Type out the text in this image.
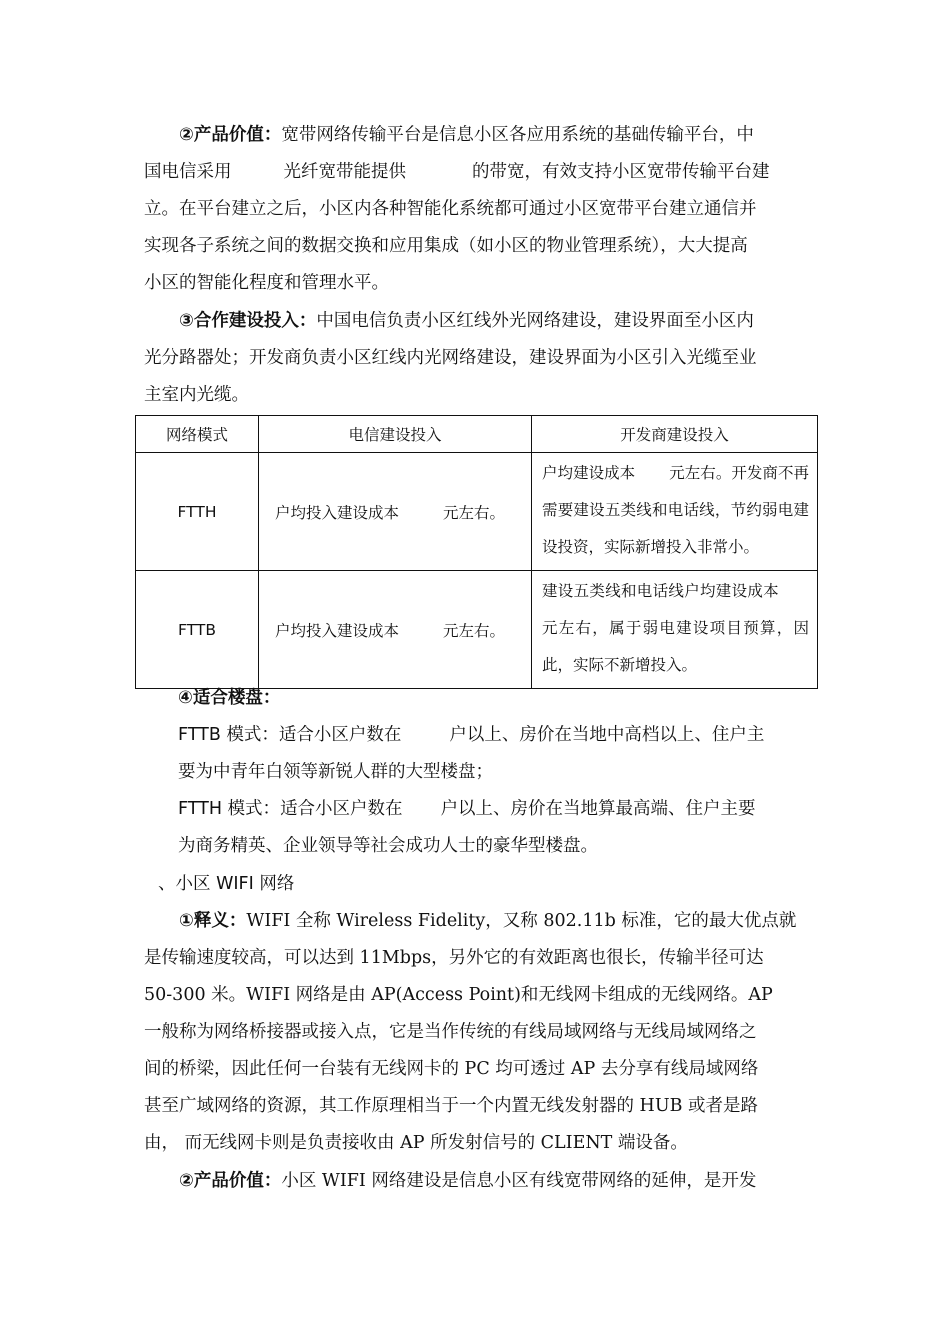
②产品价值：宽带网络传输平台是信息小区各应用系统的基础传输平台，中
国电信采用	光纤宽带能提供	的带宽，有效支持小区宽带传输平台建
立。在平台建立之后，小区内各种智能化系统都可通过小区宽带平台建立通信并
实现各子系统之间的数据交换和应用集成（如小区的物业管理系统），大大提高
小区的智能化程度和管理水平。

③合作建设投入：中国电信负责小区红线外光网络建设，建设界面至小区内
光分路器处；开发商负责小区红线内光网络建设，建设界面为小区引入光缆至业
主室内光缆。

网络模式	电信建设投入	开发商建设投入
FTTH	户均投入建设成本 元左右。	户均建设成本 元左右。开发商不再需要建设五类线和电话线，节约弱电建设投资，实际新增投入非常小。
FTTB	户均投入建设成本 元左右。	建设五类线和电话线户均建设成本元左右，属于弱电建设项目预算，因此，实际不新增投入。

④适合楼盘：

FTTB 模式：适合小区户数在	户以上、房价在当地中高档以上、住户主
要为中青年白领等新锐人群的大型楼盘；

FTTH 模式：适合小区户数在 户以上、房价在当地算最高端、住户主要
为商务精英、企业领导等社会成功人士的豪华型楼盘。

、小区 WIFI 网络

①释义：WIFI 全称 Wireless Fidelity，又称 802.11b 标准，它的最大优点就
是传输速度较高，可以达到 11Mbps，另外它的有效距离也很长，传输半径可达
50-300 米。WIFI 网络是由 AP(Access Point)和无线网卡组成的无线网络。AP
一般称为网络桥接器或接入点，它是当作传统的有线局域网络与无线局域网络之
间的桥梁，因此任何一台装有无线网卡的 PC 均可透过 AP 去分享有线局域网络
甚至广域网络的资源，其工作原理相当于一个内置无线发射器的 HUB 或者是路
由， 而无线网卡则是负责接收由 AP 所发射信号的 CLIENT 端设备。

②产品价值：小区 WIFI 网络建设是信息小区有线宽带网络的延伸，是开发
